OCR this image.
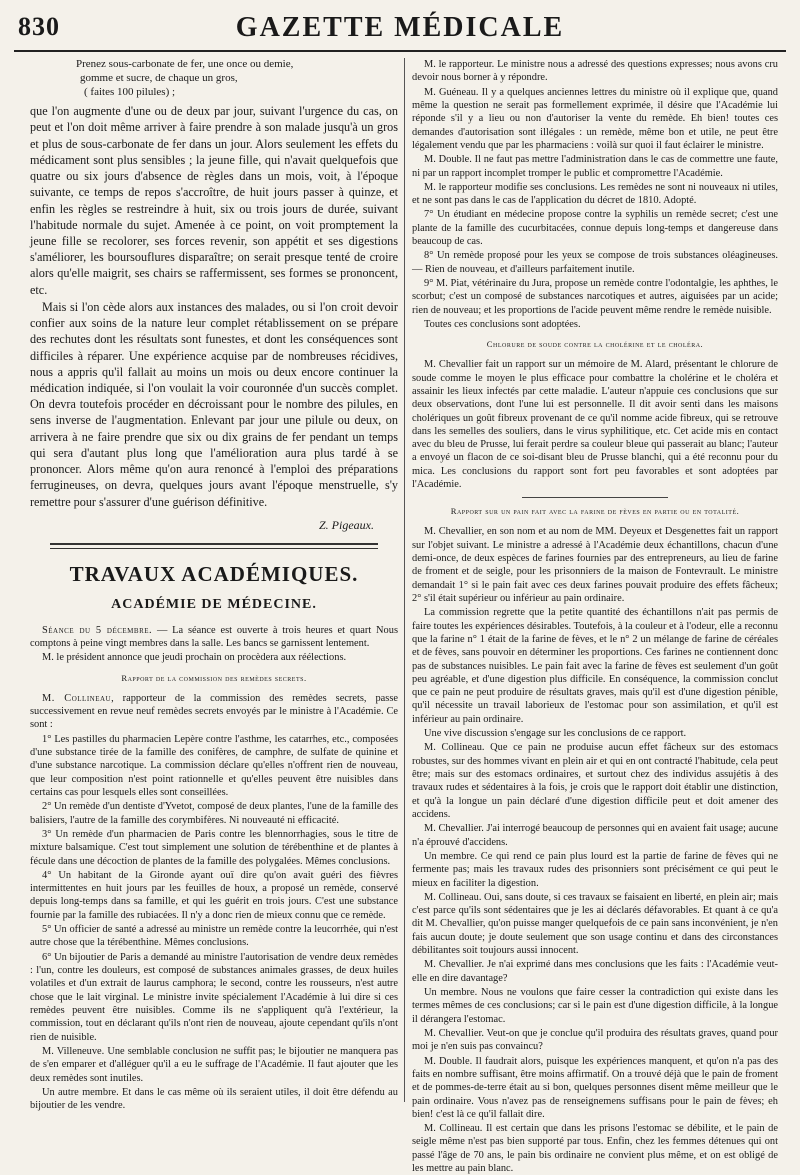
830	GAZETTE MÉDICALE
Prenez sous-carbonate de fer, une once ou demie,
gomme et sucre, de chaque un gros,
( faites 100 pilules) ;

que l'on augmente d'une ou de deux par jour, suivant l'urgence du cas, on peut et l'on doit même arriver à faire prendre à son malade jusqu'à un gros et plus de sous-carbonate de fer dans un jour. Alors seulement les effets du médicament sont plus sensibles ; la jeune fille, qui n'avait quelquefois que quatre ou six jours d'absence de règles dans un mois, voit, à l'époque suivante, ce temps de repos s'accroître, de huit jours passer à quinze, et enfin les règles se restreindre à huit, six ou trois jours de durée, suivant l'habitude normale du sujet. Amenée à ce point, on voit promptement la jeune fille se recolorer, ses forces revenir, son appétit et ses digestions s'améliorer, les boursouflures disparaître; on serait presque tenté de croire alors qu'elle maigrit, ses chairs se raffermissent, ses formes se prononcent, etc.

Mais si l'on cède alors aux instances des malades, ou si l'on croit devoir confier aux soins de la nature leur complet rétablissement on se prépare des rechutes dont les résultats sont funestes, et dont les conséquences sont difficiles à réparer. Une expérience acquise par de nombreuses récidives, nous a appris qu'il fallait au moins un mois ou deux encore continuer la médication indiquée, si l'on voulait la voir couronnée d'un succès complet. On devra toutefois procéder en décroissant pour le nombre des pilules, en sens inverse de l'augmentation. Enlevant par jour une pilule ou deux, on arrivera à ne faire prendre que six ou dix grains de fer pendant un temps qui sera d'autant plus long que l'amélioration aura plus tardé à se prononcer. Alors même qu'on aura renoncé à l'emploi des préparations ferrugineuses, on devra, quelques jours avant l'époque menstruelle, s'y remettre pour s'assurer d'une guérison définitive.

Z. Pigeaux.
TRAVAUX ACADÉMIQUES.
ACADÉMIE DE MÉDECINE.

Séance du 5 décembre. — La séance est ouverte à trois heures et quart Nous comptons à peine vingt membres dans la salle. Les bancs se garnissent lentement.

M. le président annonce que jeudi prochain on procèdera aux réélections.

Rapport de la commission des remèdes secrets.

M. Collineau, rapporteur de la commission des remèdes secrets, passe successivement en revue neuf remèdes secrets envoyés par le ministre à l'Académie. Ce sont :

1° Les pastilles du pharmacien Lepère contre l'asthme, les catarrhes, etc., composées d'une substance tirée de la famille des conifères, de camphre, de sulfate de quinine et d'une substance narcotique. La commission déclare qu'elles n'offrent rien de nouveau, que leur composition n'est point rationnelle et qu'elles peuvent être nuisibles dans certains cas pour lesquels elles sont conseillées.

2° Un remède d'un dentiste d'Yvetot, composé de deux plantes, l'une de la famille des balisiers, l'autre de la famille des corymbifères. Ni nouveauté ni efficacité.

3° Un remède d'un pharmacien de Paris contre les blennorrhagies, sous le titre de mixture balsamique. C'est tout simplement une solution de térébenthine et de plantes à fécule dans une décoction de plantes de la famille des polygalées. Mêmes conclusions.

4° Un habitant de la Gironde ayant ouï dire qu'on avait guéri des fièvres intermittentes en huit jours par les feuilles de houx, a proposé un remède, conservé depuis long-temps dans sa famille, et qui les guérit en trois jours. C'est une substance fournie par la famille des rubiacées. Il n'y a donc rien de mieux connu que ce remède.

5° Un officier de santé a adressé au ministre un remède contre la leucorrhée, qui n'est autre chose que la térébenthine. Mêmes conclusions.

6° Un bijoutier de Paris a demandé au ministre l'autorisation de vendre deux remèdes : l'un, contre les douleurs, est composé de substances animales grasses, de deux huiles volatiles et d'un extrait de laurus camphora; le second, contre les rousseurs, n'est autre chose que le lait virginal. Le ministre invite spécialement l'Académie à lui dire si ces remèdes peuvent être nuisibles. Comme ils ne s'appliquent qu'à l'extérieur, la commission, tout en déclarant qu'ils n'ont rien de nouveau, ajoute cependant qu'ils n'ont rien de nuisible.

M. Villeneuve. Une semblable conclusion ne suffit pas; le bijoutier ne manquera pas de s'en emparer et d'alléguer qu'il a eu le suffrage de l'Académie. Il faut ajouter que les deux remèdes sont inutiles.

Un autre membre. Et dans le cas même où ils seraient utiles, il doit être défendu au bijoutier de les vendre.

M. le rapporteur. Le ministre nous a adressé des questions expresses; nous avons cru devoir nous borner à y répondre.

M. Guéneau. Il y a quelques anciennes lettres du ministre où il explique que, quand même la question ne serait pas formellement exprimée, il désire que l'Académie lui réponde s'il y a lieu ou non d'autoriser la vente du remède. Eh bien! toutes ces demandes d'autorisation sont illégales : un remède, même bon et utile, ne peut être légalement vendu que par les pharmaciens : voilà sur quoi il faut éclairer le ministre.

M. Double. Il ne faut pas mettre l'administration dans le cas de commettre une faute, ni par un rapport incomplet tromper le public et compromettre l'Académie.

M. le rapporteur modifie ses conclusions. Les remèdes ne sont ni nouveaux ni utiles, et ne sont pas dans le cas de l'application du décret de 1810. Adopté.

7° Un étudiant en médecine propose contre la syphilis un remède secret; c'est une plante de la famille des cucurbitacées, connue depuis long-temps et dangereuse dans beaucoup de cas.

8° Un remède proposé pour les yeux se compose de trois substances oléagineuses. — Rien de nouveau, et d'ailleurs parfaitement inutile.

9° M. Piat, vétérinaire du Jura, propose un remède contre l'odontalgie, les aphthes, le scorbut; c'est un composé de substances narcotiques et autres, aiguisées par un acide; rien de nouveau; et les proportions de l'acide peuvent même rendre le remède nuisible.

Toutes ces conclusions sont adoptées.

Chlorure de soude contre la cholérine et le choléra.

M. Chevallier fait un rapport sur un mémoire de M. Alard, présentant le chlorure de soude comme le moyen le plus efficace pour combattre la cholérine et le choléra et assainir les lieux infectés par cette maladie. L'auteur n'appuie ces conclusions que sur deux observations, dont l'une lui est personnelle. Il dit avoir senti dans les maisons cholériques un goût fibreux provenant de ce qu'il nomme acide fibreux, qui se retrouve dans les semelles des souliers, dans le virus syphilitique, etc. Cet acide mis en contact avec du bleu de Prusse, lui ferait perdre sa couleur bleue qui passerait au blanc; l'auteur a envoyé un flacon de ce soi-disant bleu de Prusse blanchi, qui a été reconnu pour du mica. Les conclusions du rapport sont fort peu favorables et sont adoptées par l'Académie.

Rapport sur un pain fait avec la farine de fèves en partie ou en totalité.

M. Chevallier, en son nom et au nom de MM. Deyeux et Desgenettes fait un rapport sur l'objet suivant. Le ministre a adressé à l'Académie deux échantillons, chacun d'une demi-once, de deux espèces de farines fournies par des entrepreneurs, au lieu de farine de froment et de seigle, pour les prisonniers de la maison de Fontevrault. Le ministre demandait 1° si le pain fait avec ces deux farines pouvait produire des effets fâcheux; 2° s'il était supérieur ou inférieur au pain ordinaire.

La commission regrette que la petite quantité des échantillons n'ait pas permis de faire toutes les expériences désirables. Toutefois, à la couleur et à l'odeur, elle a reconnu que la farine n° 1 était de la farine de fèves, et le n° 2 un mélange de farine de céréales et de fèves, sans pouvoir en déterminer les proportions. Ces farines ne contiennent donc pas de substances nuisibles. Le pain fait avec la farine de fèves est seulement d'un goût peu agréable, et d'une digestion plus difficile. En conséquence, la commission conclut que ce pain ne peut produire de résultats graves, mais qu'il est d'une digestion pénible, qu'il nécessite un travail laborieux de l'estomac pour son assimilation, et qu'il est inférieur au pain ordinaire.

Une vive discussion s'engage sur les conclusions de ce rapport.

M. Collineau. Que ce pain ne produise aucun effet fâcheux sur des estomacs robustes, sur des hommes vivant en plein air et qui en ont contracté l'habitude, cela peut être; mais sur des estomacs ordinaires, et surtout chez des individus assujétis à des travaux rudes et sédentaires à la fois, je crois que le rapport doit établir une distinction, et qu'à la longue un pain déclaré d'une digestion difficile peut et doit amener des accidens.

M. Chevallier. J'ai interrogé beaucoup de personnes qui en avaient fait usage; aucune n'a éprouvé d'accidens.

Un membre. Ce qui rend ce pain plus lourd est la partie de farine de fèves qui ne fermente pas; mais les travaux rudes des prisonniers sont précisément ce qui peut le mieux en faciliter la digestion.

M. Collineau. Oui, sans doute, si ces travaux se faisaient en liberté, en plein air; mais c'est parce qu'ils sont sédentaires que je les ai déclarés défavorables. Et quant à ce qu'a dit M. Chevallier, qu'on puisse manger quelquefois de ce pain sans inconvénient, je n'en fais aucun doute; je doute seulement que son usage continu et dans des circonstances débilitantes soit toujours aussi innocent.

M. Chevallier. Je n'ai exprimé dans mes conclusions que les faits : l'Académie veut-elle en dire davantage?

Un membre. Nous ne voulons que faire cesser la contradiction qui existe dans les termes mêmes de ces conclusions; car si le pain est d'une digestion difficile, à la longue il dérangera l'estomac.

M. Chevallier. Veut-on que je conclue qu'il produira des résultats graves, quand pour moi je n'en suis pas convaincu?

M. Double. Il faudrait alors, puisque les expériences manquent, et qu'on n'a pas des faits en nombre suffisant, être moins affirmatif. On a trouvé déjà que le pain de froment et de pommes-de-terre était au si bon, quelques personnes disent même meilleur que le pain ordinaire. Vous n'avez pas de renseignemens suffisans pour le pain de fèves; eh bien! c'est là ce qu'il fallait dire.

M. Collineau. Il est certain que dans les prisons l'estomac se débilite, et le pain de seigle même n'est pas bien supporté par tous. Enfin, chez les femmes détenues qui ont passé l'âge de 70 ans, le pain bis ordinaire ne convient plus même, et on est obligé de les mettre au pain blanc.
